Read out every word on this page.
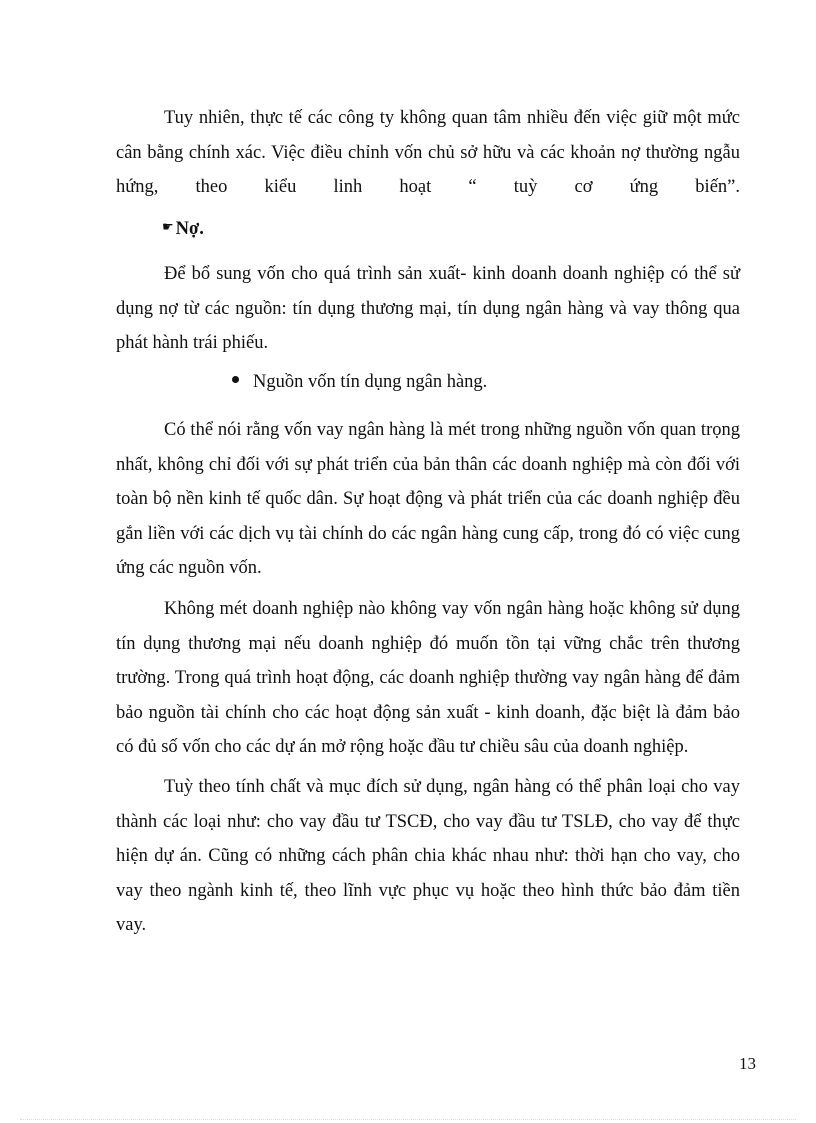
Tuy nhiên, thực tế các công ty không quan tâm nhiều đến việc giữ một mức cân bằng chính xác. Việc điều chỉnh vốn chủ sở hữu và các khoản nợ thường ngẫu hứng, theo kiểu linh hoạt “ tuỳ cơ ứng biến”.

☛ Nợ.

Để bổ sung vốn cho quá trình sản xuất- kinh doanh doanh nghiệp có thể sử dụng nợ từ các nguồn: tín dụng thương mại, tín dụng ngân hàng và vay thông qua phát hành trái phiếu.

Nguồn vốn tín dụng ngân hàng.

Có thể nói rằng vốn vay ngân hàng là mét trong những nguồn vốn quan trọng nhất, không chỉ đối với sự phát triển của bản thân các doanh nghiệp mà còn đối với toàn bộ nền kinh tế quốc dân. Sự hoạt động và phát triển của các doanh nghiệp đều gắn liền với các dịch vụ tài chính do các ngân hàng cung cấp, trong đó có việc cung ứng các nguồn vốn.

Không mét doanh nghiệp nào không vay vốn ngân hàng hoặc không sử dụng tín dụng thương mại nếu doanh nghiệp đó muốn tồn tại vững chắc trên thương trường. Trong quá trình hoạt động, các doanh nghiệp thường vay ngân hàng để đảm bảo nguồn tài chính cho các hoạt động sản xuất - kinh doanh, đặc biệt là đảm bảo có đủ số vốn cho các dự án mở rộng hoặc đầu tư chiều sâu của doanh nghiệp.

Tuỳ theo tính chất và mục đích sử dụng, ngân hàng có thể phân loại cho vay thành các loại như: cho vay đầu tư TSCĐ, cho vay đầu tư TSLĐ, cho vay để thực hiện dự án. Cũng có những cách phân chia khác nhau như: thời hạn cho vay, cho vay theo ngành kinh tế, theo lĩnh vực phục vụ hoặc theo hình thức bảo đảm tiền vay.

13
